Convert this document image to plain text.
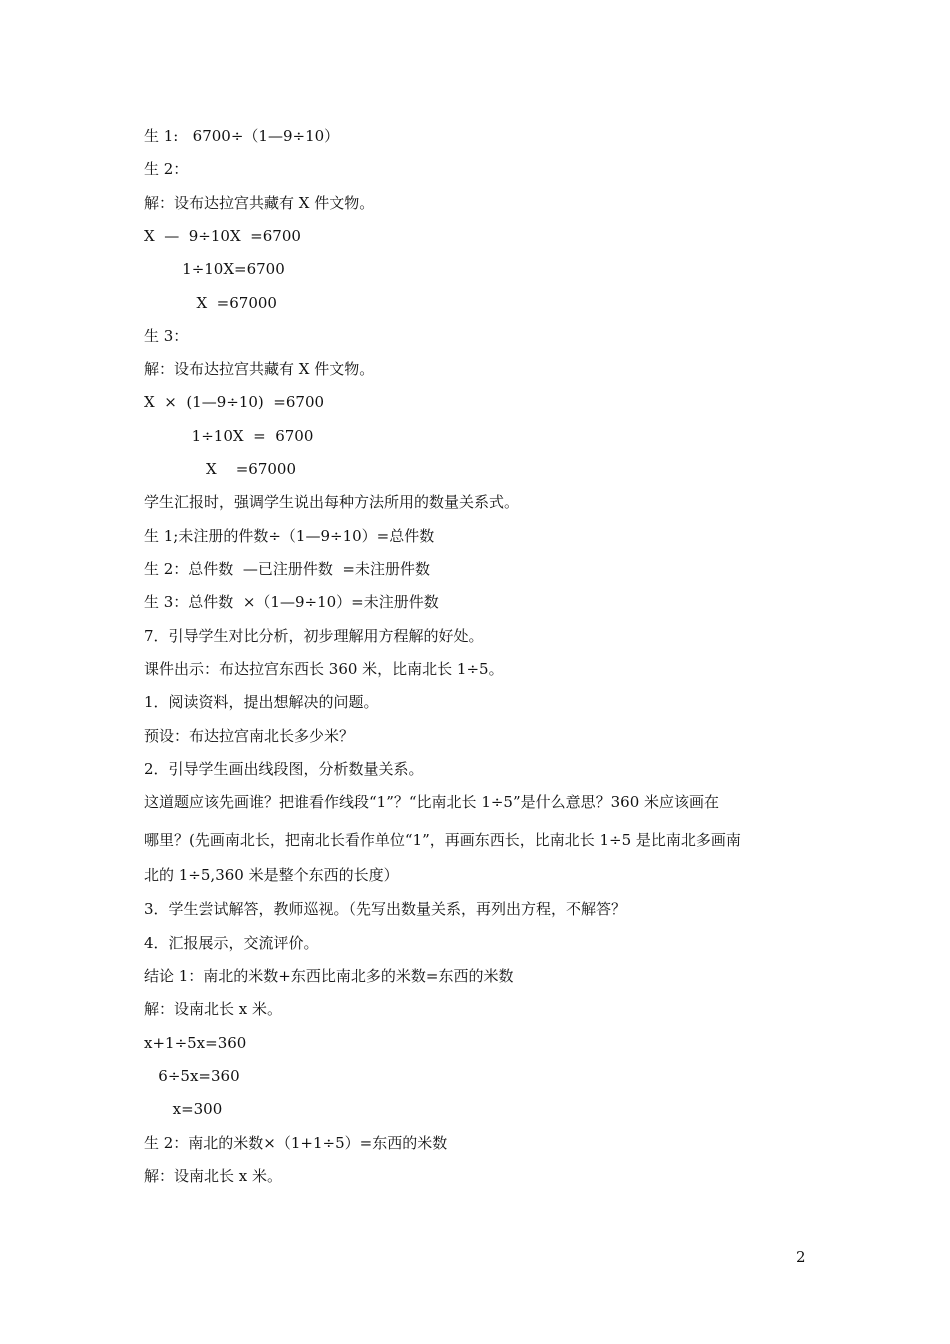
生 1:   6700÷（1—9÷10）
生 2：
解：设布达拉宫共藏有 X 件文物。
X  —  9÷10X  =6700
1÷10X=6700
X  =67000
生 3：
解：设布达拉宫共藏有 X 件文物。
X  ×  (1—9÷10)  =6700
1÷10X  =  6700
X    =67000
学生汇报时，强调学生说出每种方法所用的数量关系式。
生 1;未注册的件数÷（1—9÷10）=总件数
生 2：总件数  —已注册件数  =未注册件数
生 3：总件数  ×（1—9÷10）=未注册件数
7．引导学生对比分析，初步理解用方程解的好处。
课件出示：布达拉宫东西长 360 米，比南北长 1÷5。
1．阅读资料，提出想解决的问题。
预设：布达拉宫南北长多少米？
2．引导学生画出线段图，分析数量关系。
这道题应该先画谁？把谁看作线段“1”？“比南北长 1÷5”是什么意思？360 米应该画在
哪里？(先画南北长，把南北长看作单位“1”，再画东西长，比南北长 1÷5 是比南北多画南
北的 1÷5,360 米是整个东西的长度）
3．学生尝试解答，教师巡视。（先写出数量关系，再列出方程，不解答？
4．汇报展示，交流评价。
结论 1：南北的米数+东西比南北多的米数=东西的米数
解：设南北长 x 米。
x+1÷5x=360
6÷5x=360
x=300
生 2：南北的米数×（1+1÷5）=东西的米数
解：设南北长 x 米。
2
